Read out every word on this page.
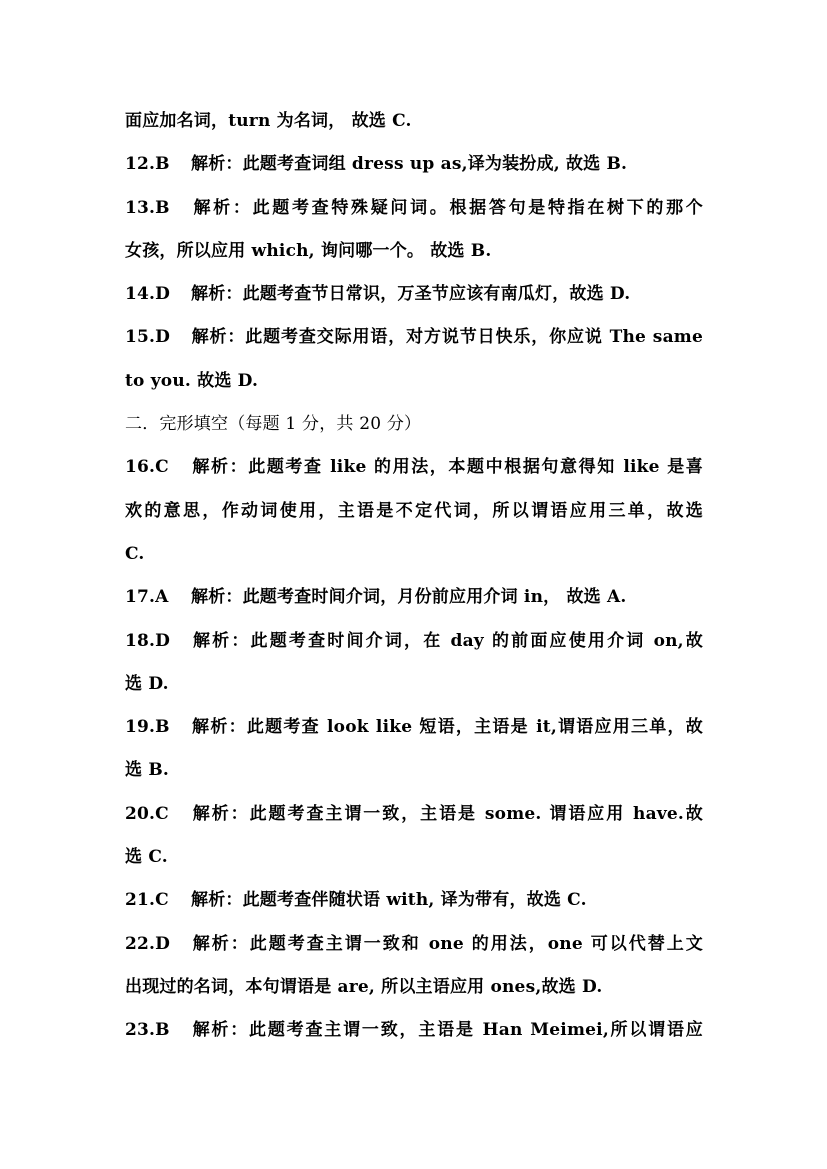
面应加名词，turn 为名词， 故选 C.
12.B 解析：此题考查词组 dress up as,译为装扮成, 故选 B.
13.B 解析：此题考查特殊疑问词。根据答句是特指在树下的那个
女孩，所以应用 which, 询问哪一个。 故选 B.
14.D 解析：此题考查节日常识，万圣节应该有南瓜灯，故选 D.
15.D 解析：此题考查交际用语，对方说节日快乐，你应说 The same
to you. 故选 D.
二．完形填空（每题 1 分，共 20 分）
16.C 解析：此题考查 like 的用法，本题中根据句意得知 like 是喜
欢的意思，作动词使用，主语是不定代词，所以谓语应用三单，故选
C.
17.A 解析：此题考查时间介词，月份前应用介词 in， 故选 A.
18.D 解析：此题考查时间介词，在 day 的前面应使用介词 on,故
选 D.
19.B 解析：此题考查 look like 短语，主语是 it,谓语应用三单，故
选 B.
20.C 解析：此题考查主谓一致，主语是 some. 谓语应用 have.故
选 C.
21.C 解析：此题考查伴随状语 with, 译为带有，故选 C.
22.D 解析：此题考查主谓一致和 one 的用法，one 可以代替上文
出现过的名词，本句谓语是 are, 所以主语应用 ones,故选 D.
23.B 解析：此题考查主谓一致，主语是 Han Meimei,所以谓语应
